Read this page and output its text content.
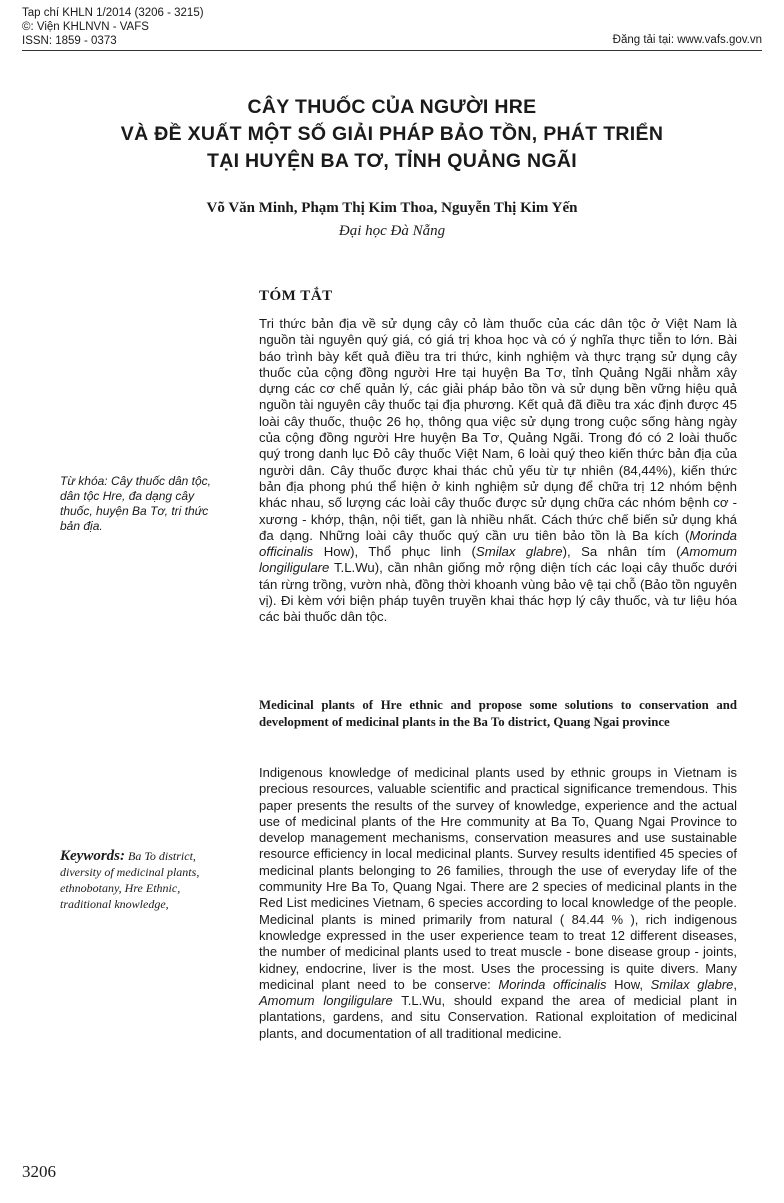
Tap chí KHLN 1/2014 (3206 - 3215)
©: Viện KHLNVN - VAFS
ISSN: 1859 - 0373	Đăng tải tại: www.vafs.gov.vn
CÂY THUỐC CỦA NGƯỜI HRE
VÀ ĐỀ XUẤT MỘT SỐ GIẢI PHÁP BẢO TỒN, PHÁT TRIỂN
TẠI HUYỆN BA TƠ, TỈNH QUẢNG NGÃI
Võ Văn Minh, Phạm Thị Kim Thoa, Nguyễn Thị Kim Yến
Đại học Đà Nẵng
TÓM TẮT
Tri thức bản địa về sử dụng cây cỏ làm thuốc của các dân tộc ở Việt Nam là nguồn tài nguyên quý giá, có giá trị khoa học và có ý nghĩa thực tiễn to lớn. Bài báo trình bày kết quả điều tra tri thức, kinh nghiệm và thực trạng sử dụng cây thuốc của cộng đồng người Hre tại huyện Ba Tơ, tỉnh Quảng Ngãi nhằm xây dựng các cơ chế quản lý, các giải pháp bảo tồn và sử dụng bền vững hiệu quả nguồn tài nguyên cây thuốc tại địa phương. Kết quả đã điều tra xác định được 45 loài cây thuốc, thuộc 26 họ, thông qua việc sử dụng trong cuộc sống hàng ngày của cộng đồng người Hre huyện Ba Tơ, Quảng Ngãi. Trong đó có 2 loài thuốc quý trong danh lục Đỏ cây thuốc Việt Nam, 6 loài quý theo kiến thức bản địa của người dân. Cây thuốc được khai thác chủ yếu từ tự nhiên (84,44%), kiến thức bản địa phong phú thể hiện ở kinh nghiệm sử dụng để chữa trị 12 nhóm bệnh khác nhau, số lượng các loài cây thuốc được sử dụng chữa các nhóm bệnh cơ - xương - khớp, thận, nội tiết, gan là nhiều nhất. Cách thức chế biến sử dụng khá đa dạng. Những loài cây thuốc quý cần ưu tiên bảo tồn là Ba kích (Morinda officinalis How), Thổ phục linh (Smilax glabre), Sa nhân tím (Amomum longiligulare T.L.Wu), cần nhân giống mở rộng diện tích các loại cây thuốc dưới tán rừng trồng, vườn nhà, đồng thời khoanh vùng bảo vệ tại chỗ (Bảo tồn nguyên vị). Đi kèm với biện pháp tuyên truyền khai thác hợp lý cây thuốc, và tư liệu hóa các bài thuốc dân tộc.
Từ khóa: Cây thuốc dân tộc, dân tộc Hre, đa dạng cây thuốc, huyện Ba Tơ, tri thức bản địa.
Medicinal plants of Hre ethnic and propose some solutions to conservation and development of medicinal plants in the Ba To district, Quang Ngai province
Indigenous knowledge of medicinal plants used by ethnic groups in Vietnam is precious resources, valuable scientific and practical significance tremendous. This paper presents the results of the survey of knowledge, experience and the actual use of medicinal plants of the Hre community at Ba To, Quang Ngai Province to develop management mechanisms, conservation measures and use sustainable resource efficiency in local medicinal plants. Survey results identified 45 species of medicinal plants belonging to 26 families, through the use of everyday life of the community Hre Ba To, Quang Ngai. There are 2 species of medicinal plants in the Red List medicines Vietnam, 6 species according to local knowledge of the people. Medicinal plants is mined primarily from natural ( 84.44 % ), rich indigenous knowledge expressed in the user experience team to treat 12 different diseases, the number of medicinal plants used to treat muscle - bone disease group - joints, kidney, endocrine, liver is the most. Uses the processing is quite divers. Many medicinal plant need to be conserve: Morinda officinalis How, Smilax glabre, Amomum longiligulare T.L.Wu, should expand the area of medicial plant in plantations, gardens, and situ Conservation. Rational exploitation of medicinal plants, and documentation of all traditional medicine.
Keywords: Ba To district, diversity of medicinal plants, ethnobotany, Hre Ethnic, traditional knowledge,
3206
